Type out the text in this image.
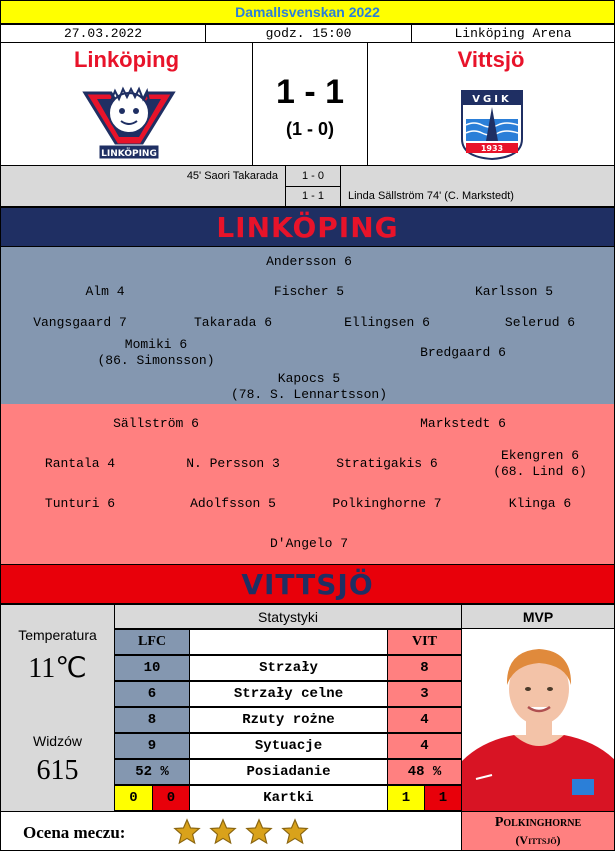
Damallsvenskan 2022
27.03.2022	godz. 15:00	Linköping Arena
Linköping
LINKÖPING
1 - 1
(1 - 0)
Vittsjö
VGIK
1933
45' Saori Takarada	1 - 0
1 - 1	Linda Sällström 74' (C. Markstedt)
LINKÖPING
Andersson 6
Alm 4	Fischer 5	Karlsson 5
Vangsgaard 7	Takarada 6	Ellingsen 6	Selerud 6
Momiki 6
(86. Simonsson)
Bredgaard 6
Kapocs 5
(78. S. Lennartsson)
Sällström 6	Markstedt 6
Rantala 4	N. Persson 3	Stratigakis 6
Ekengren 6
(68. Lind 6)
Tunturi 6	Adolfsson 5	Polkinghorne 7	Klinga 6
D'Angelo 7
VITTSJÖ
Temperatura
11℃
Widzów
615
Statystyki
LFC	VIT
10	Strzały	8
6	Strzały celne	3
8	Rzuty rożne	4
9	Sytuacje	4
52 %	Posiadanie	48 %
0	0	Kartki	1	1
MVP
Ocena meczu:
Polkinghorne
(Vittsjö)
